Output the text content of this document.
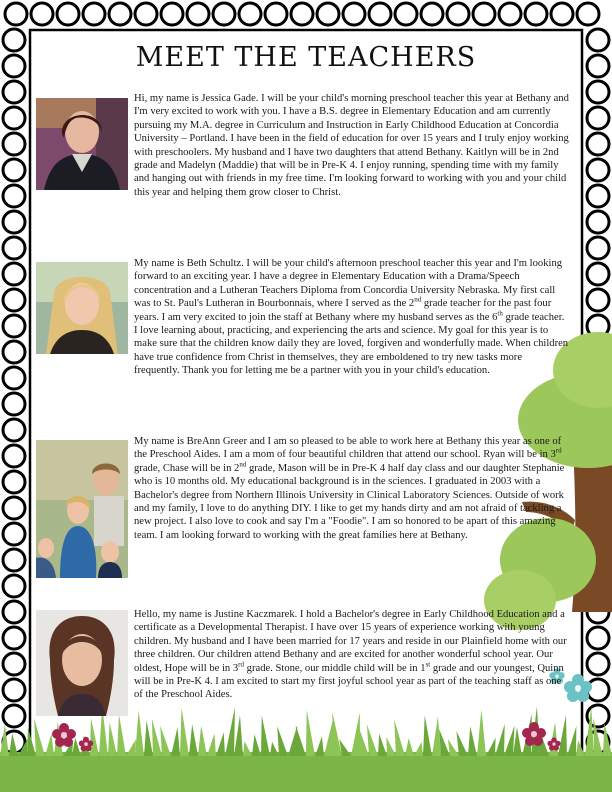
MEET THE TEACHERS

Hi, my name is Jessica Gade. I will be your child's morning preschool teacher this year at Bethany and I'm very excited to work with you. I have a B.S. degree in Elementary Education and am currently pursuing my M.A. degree in Curriculum and Instruction in Early Childhood Education at Concordia University – Portland. I have been in the field of education for over 15 years and I truly enjoy working with preschoolers. My husband and I have two daughters that attend Bethany. Kaitlyn will be in 2nd grade and Madelyn (Maddie) that will be in Pre-K 4. I enjoy running, spending time with my family and hanging out with friends in my free time. I'm looking forward to working with you and your child this year and helping them grow closer to Christ.

My name is Beth Schultz. I will be your child's afternoon preschool teacher this year and I'm looking forward to an exciting year. I have a degree in Elementary Education with a Drama/Speech concentration and a Lutheran Teachers Diploma from Concordia University Nebraska. My first call was to St. Paul's Lutheran in Bourbonnais, where I served as the 2nd grade teacher for the past four years. I am very excited to join the staff at Bethany where my husband serves as the 6th grade teacher. I love learning about, practicing, and experiencing the arts and science. My goal for this year is to make sure that the children know daily they are loved, forgiven and wonderfully made. When children have true confidence from Christ in themselves, they are emboldened to try new tasks more frequently. Thank you for letting me be a partner with you in your child's education.

My name is BreAnn Greer and I am so pleased to be able to work here at Bethany this year as one of the Preschool Aides. I am a mom of four beautiful children that attend our school. Ryan will be in 3rd grade, Chase will be in 2nd grade, Mason will be in Pre-K 4 half day class and our daughter Stephanie who is 10 months old. My educational background is in the sciences. I graduated in 2003 with a Bachelor's degree from Northern Illinois University in Clinical Laboratory Sciences. Outside of work and my family, I love to do anything DIY. I like to get my hands dirty and am not afraid of tackling a new project. I also love to cook and say I'm a "Foodie". I am so honored to be apart of this amazing team. I am looking forward to working with the great families here at Bethany.

Hello, my name is Justine Kaczmarek. I hold a Bachelor's degree in Early Childhood Education and a certificate as a Developmental Therapist. I have over 15 years of experience working with young children. My husband and I have been married for 17 years and reside in our Plainfield home with our three children. Our children attend Bethany and are excited for another wonderful school year. Our oldest, Hope will be in 3rd grade. Stone, our middle child will be in 1st grade and our youngest, Quinn will be in Pre-K 4. I am excited to start my first joyful school year as part of the teaching staff as one of the Preschool Aides.
